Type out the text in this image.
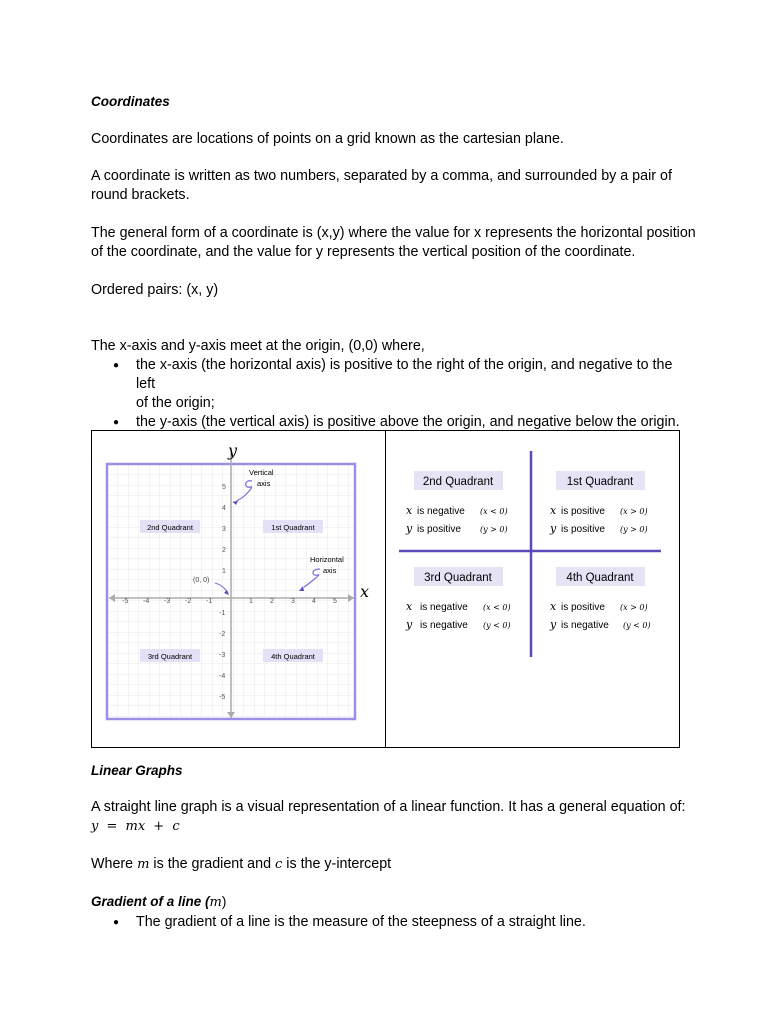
Coordinates

Coordinates are locations of points on a grid known as the cartesian plane.

A coordinate is written as two numbers, separated by a comma, and surrounded by a pair of
round brackets.

The general form of a coordinate is (x,y) where the value for x represents the horizontal position
of the coordinate, and the value for y represents the vertical position of the coordinate.

Ordered pairs: (x, y)

The x-axis and y-axis meet at the origin, (0,0) where,

● the x-axis (the horizontal axis) is positive to the right of the origin, and negative to the left
of the origin;
● the y-axis (the vertical axis) is positive above the origin, and negative below the origin.
y
x
-5 -4 -3 -2 -1	1 2 3 4 5
5
4
3
2
1
-1
-2
-3
-4
-5
2nd Quadrant	1st Quadrant
3rd Quadrant	4th Quadrant
Vertical
axis
Horizontal
axis
(0, 0)

2nd Quadrant	1st Quadrant
3rd Quadrant	4th Quadrant
x is negative (x < 0)
y is positive (y > 0)
x is positive (x > 0)
y is positive (y > 0)
x is negative (x < 0)
y is negative (y < 0)
x is positive (x > 0)
y is negative (y < 0)

Linear Graphs

A straight line graph is a visual representation of a linear function. It has a general equation of:

y = mx + c

Where m is the gradient and c is the y-intercept

Gradient of a line (m)

● The gradient of a line is the measure of the steepness of a straight line.
